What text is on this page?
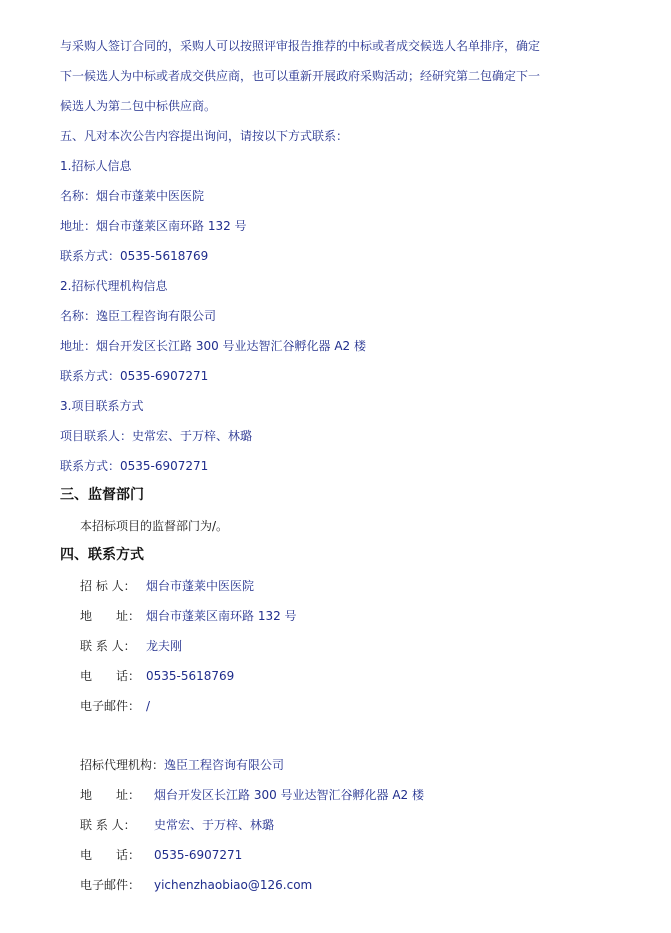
与采购人签订合同的，采购人可以按照评审报告推荐的中标或者成交候选人名单排序，确定
下一候选人为中标或者成交供应商，也可以重新开展政府采购活动；经研究第二包确定下一
候选人为第二包中标供应商。
五、凡对本次公告内容提出询问，请按以下方式联系：
1.招标人信息
名称：烟台市蓬莱中医医院
地址：烟台市蓬莱区南环路 132 号
联系方式：0535-5618769
2.招标代理机构信息
名称：逸臣工程咨询有限公司
地址：烟台开发区长江路 300 号业达智汇谷孵化器 A2 楼
联系方式：0535-6907271
3.项目联系方式
项目联系人：史常宏、于万梓、林璐
联系方式：0535-6907271
三、监督部门
本招标项目的监督部门为/。
四、联系方式
招 标 人： 烟台市蓬莱中医医院
地　　址： 烟台市蓬莱区南环路 132 号
联 系 人： 龙夫刚
电　　话： 0535-5618769
电子邮件： /
招标代理机构：逸臣工程咨询有限公司
地　　址： 烟台开发区长江路 300 号业达智汇谷孵化器 A2 楼
联 系 人： 史常宏、于万梓、林璐
电　　话： 0535-6907271
电子邮件： yichenzhaobiao@126.com
